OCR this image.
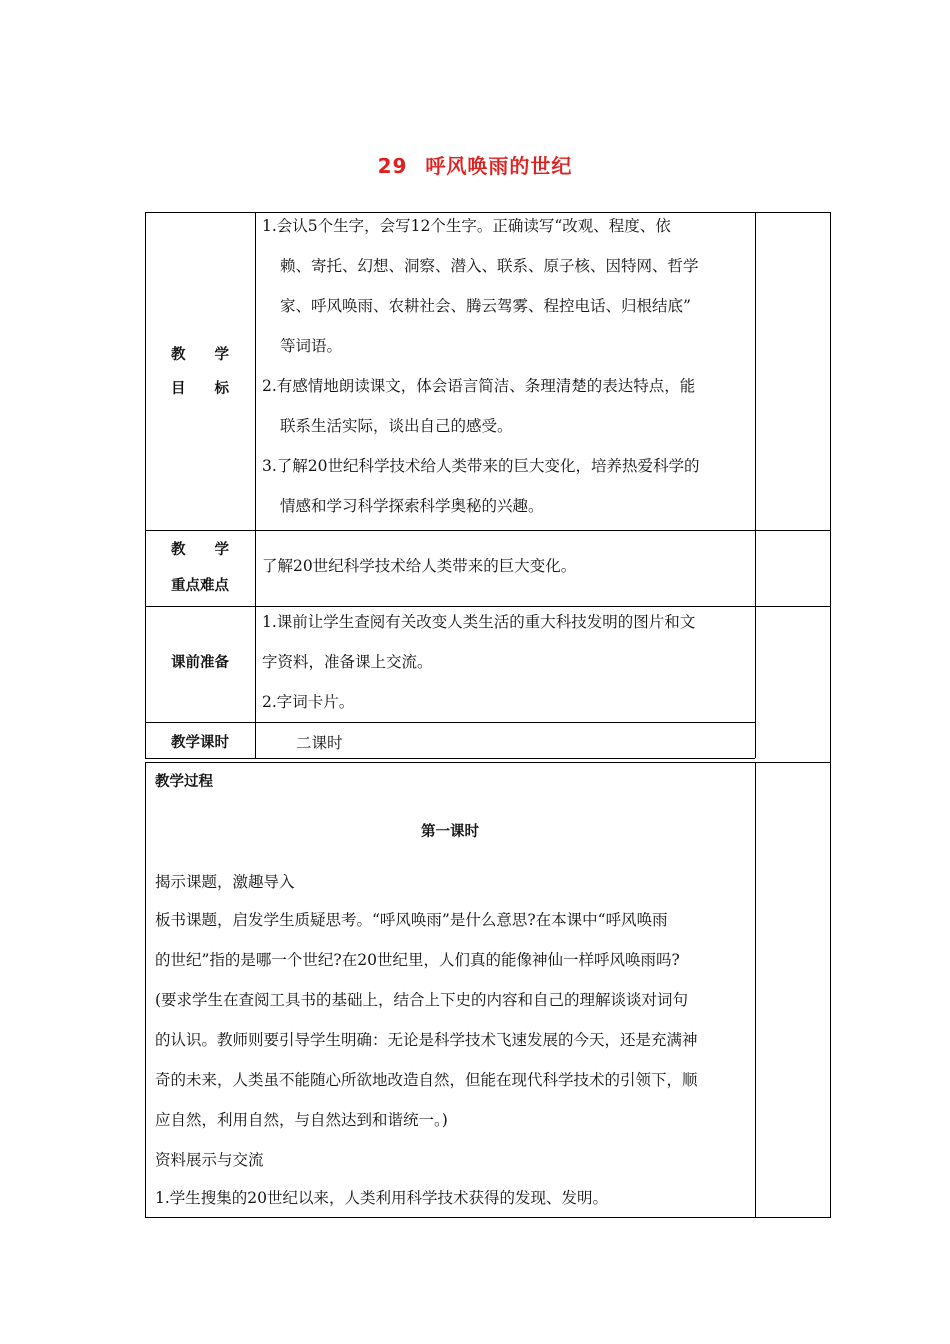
29 呼风唤雨的世纪
教　　学
目　　标
1.会认5个生字，会写12个生字。正确读写“改观、程度、依
赖、寄托、幻想、洞察、潜入、联系、原子核、因特网、哲学
家、呼风唤雨、农耕社会、腾云驾雾、程控电话、归根结底”
等词语。
2.有感情地朗读课文，体会语言简洁、条理清楚的表达特点，能
联系生活实际，谈出自己的感受。
3.了解20世纪科学技术给人类带来的巨大变化，培养热爱科学的
情感和学习科学探索科学奥秘的兴趣。
教　　学
重点难点
了解20世纪科学技术给人类带来的巨大变化。
课前准备
1.课前让学生查阅有关改变人类生活的重大科技发明的图片和文
字资料，准备课上交流。
2.字词卡片。
教学课时	二课时
教学过程
第一课时
揭示课题，激趣导入
板书课题，启发学生质疑思考。“呼风唤雨”是什么意思?在本课中“呼风唤雨
的世纪”指的是哪一个世纪?在20世纪里，人们真的能像神仙一样呼风唤雨吗?
(要求学生在查阅工具书的基础上，结合上下史的内容和自己的理解谈谈对词句
的认识。教师则要引导学生明确：无论是科学技术飞速发展的今天，还是充满神
奇的未来，人类虽不能随心所欲地改造自然，但能在现代科学技术的引领下，顺
应自然，利用自然，与自然达到和谐统一。)
资料展示与交流
1.学生搜集的20世纪以来，人类利用科学技术获得的发现、发明。
